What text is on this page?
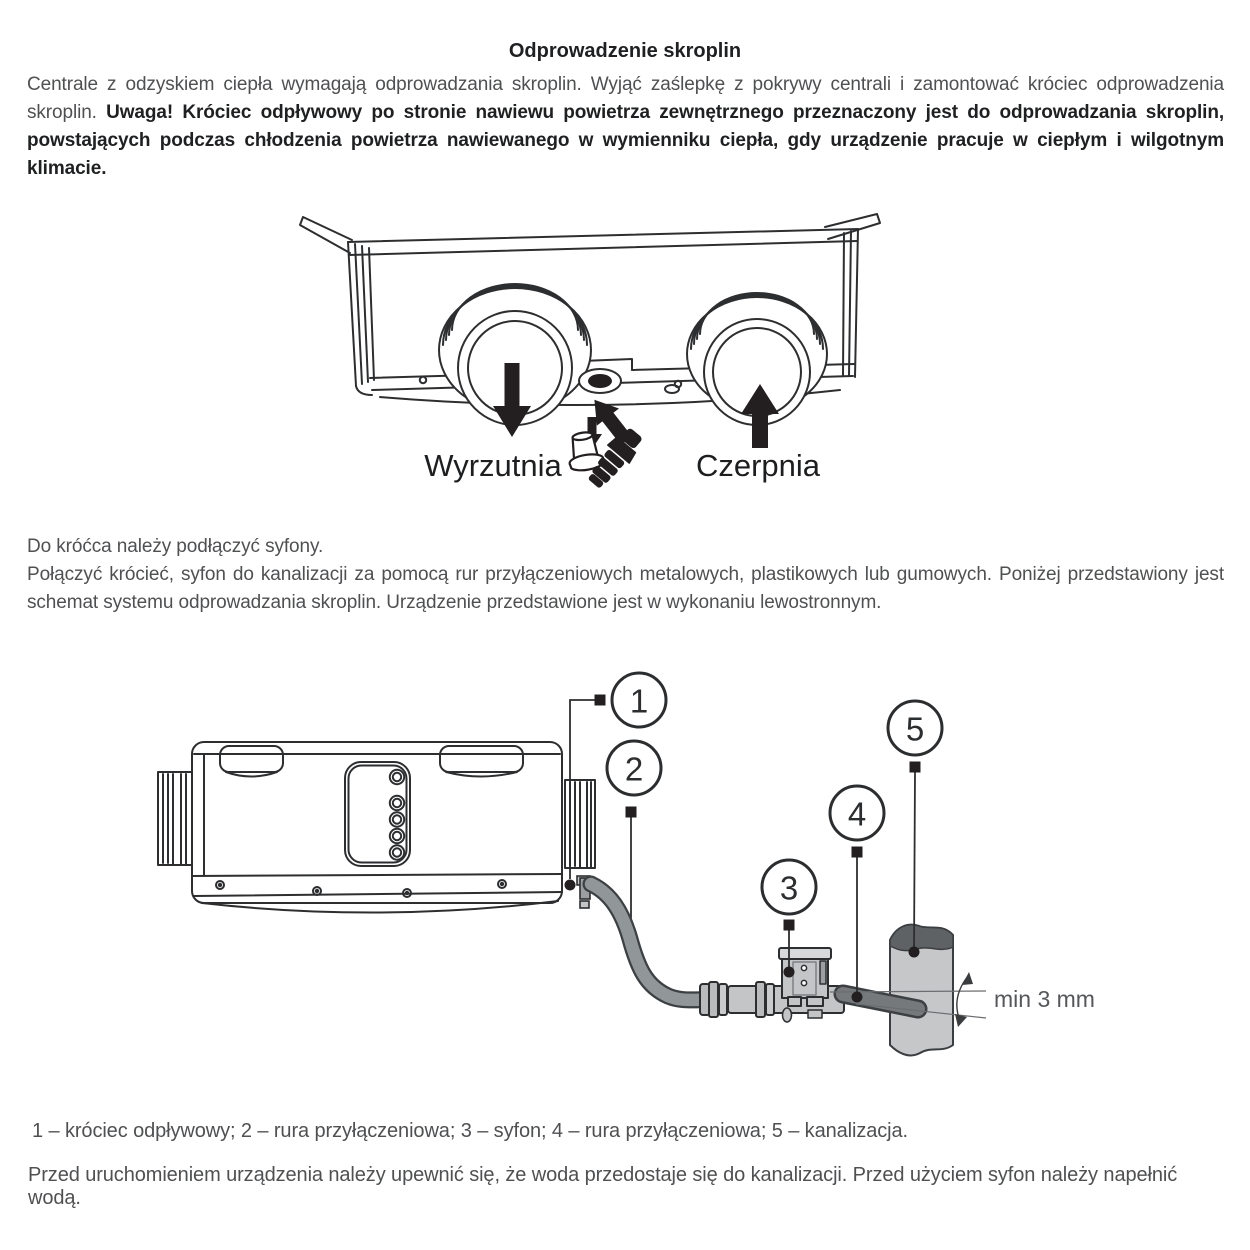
Odprowadzenie skroplin
Centrale z odzyskiem ciepła wymagają odprowadzania skroplin. Wyjąć zaślepkę z pokrywy centrali i zamontować króciec odprowadzenia skroplin. Uwaga! Króciec odpływowy po stronie nawiewu powietrza zewnętrznego przeznaczony jest do odprowadzania skroplin, powstających podczas chłodzenia powietrza nawiewanego w wymienniku ciepła, gdy urządzenie pracuje w ciepłym i wilgotnym klimacie.
Wyrzutnia	Czerpnia
Do króćca należy podłączyć syfony.
Połączyć krócieć, syfon do kanalizacji za pomocą rur przyłączeniowych metalowych, plastikowych lub gumowych. Poniżej przedstawiony jest schemat systemu odprowadzania skroplin. Urządzenie przedstawione jest w wykonaniu lewostronnym.
min 3 mm
1
2
3
4
5
1 – króciec odpływowy; 2 – rura przyłączeniowa; 3 – syfon; 4 – rura przyłączeniowa; 5 – kanalizacja.
Przed uruchomieniem urządzenia należy upewnić się, że woda przedostaje się do kanalizacji. Przed użyciem syfon należy napełnić wodą.
